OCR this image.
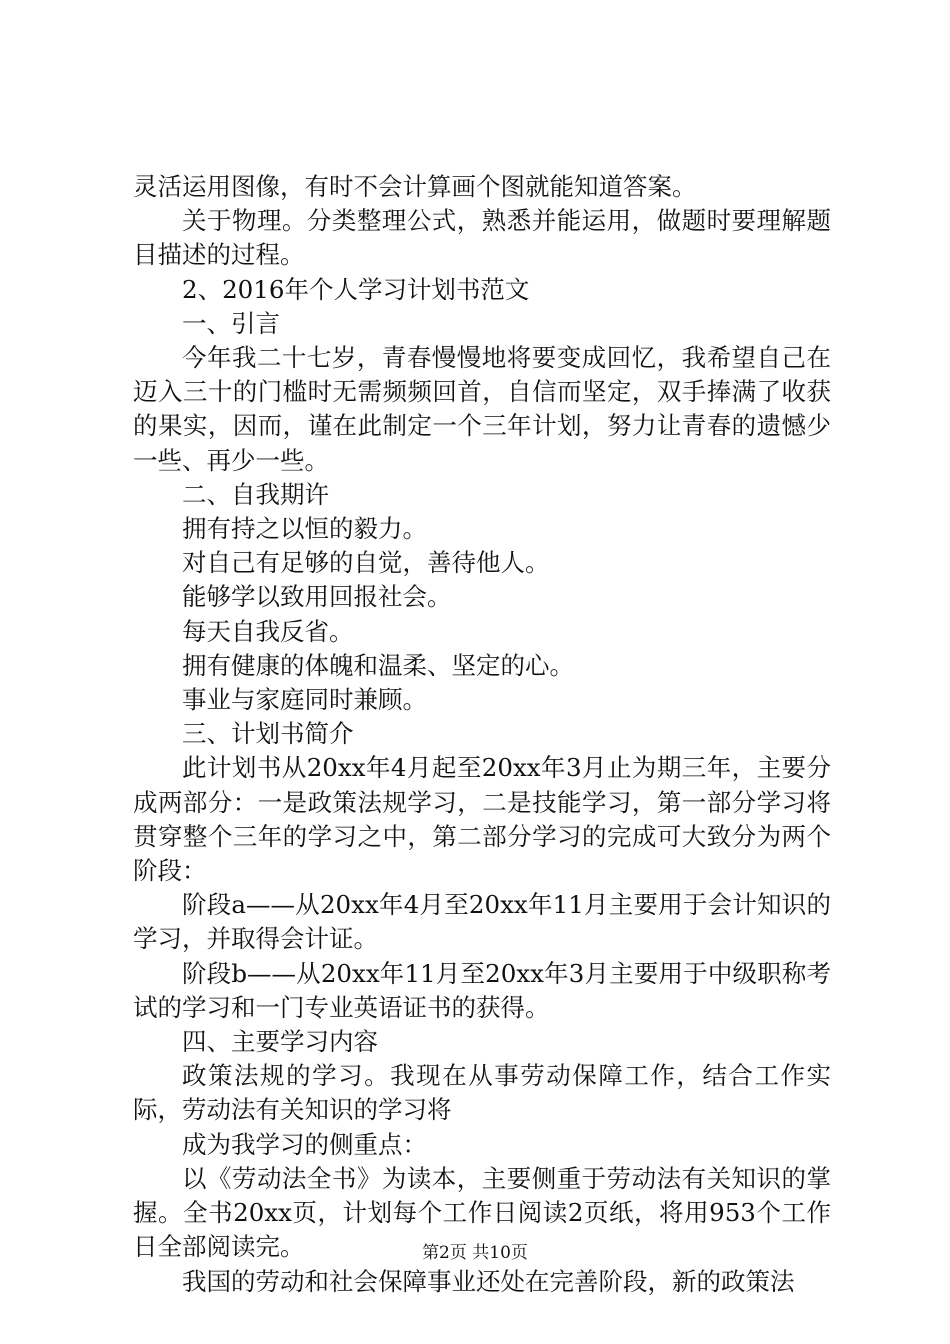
灵活运用图像，有时不会计算画个图就能知道答案。

关于物理。分类整理公式，熟悉并能运用，做题时要理解题目描述的过程。

2、2016年个人学习计划书范文

一、引言

今年我二十七岁，青春慢慢地将要变成回忆，我希望自己在迈入三十的门槛时无需频频回首，自信而坚定，双手捧满了收获的果实，因而，谨在此制定一个三年计划，努力让青春的遗憾少一些、再少一些。

二、自我期许

拥有持之以恒的毅力。

对自己有足够的自觉，善待他人。

能够学以致用回报社会。

每天自我反省。

拥有健康的体魄和温柔、坚定的心。

事业与家庭同时兼顾。

三、计划书简介

此计划书从20xx年4月起至20xx年3月止为期三年，主要分成两部分：一是政策法规学习，二是技能学习，第一部分学习将贯穿整个三年的学习之中，第二部分学习的完成可大致分为两个阶段：

阶段a——从20xx年4月至20xx年11月主要用于会计知识的学习，并取得会计证。

阶段b——从20xx年11月至20xx年3月主要用于中级职称考试的学习和一门专业英语证书的获得。

四、主要学习内容

政策法规的学习。我现在从事劳动保障工作，结合工作实际，劳动法有关知识的学习将

成为我学习的侧重点：

以《劳动法全书》为读本，主要侧重于劳动法有关知识的掌握。全书20xx页，计划每个工作日阅读2页纸，将用953个工作日全部阅读完。

我国的劳动和社会保障事业还处在完善阶段，新的政策法

第2页 共10页
